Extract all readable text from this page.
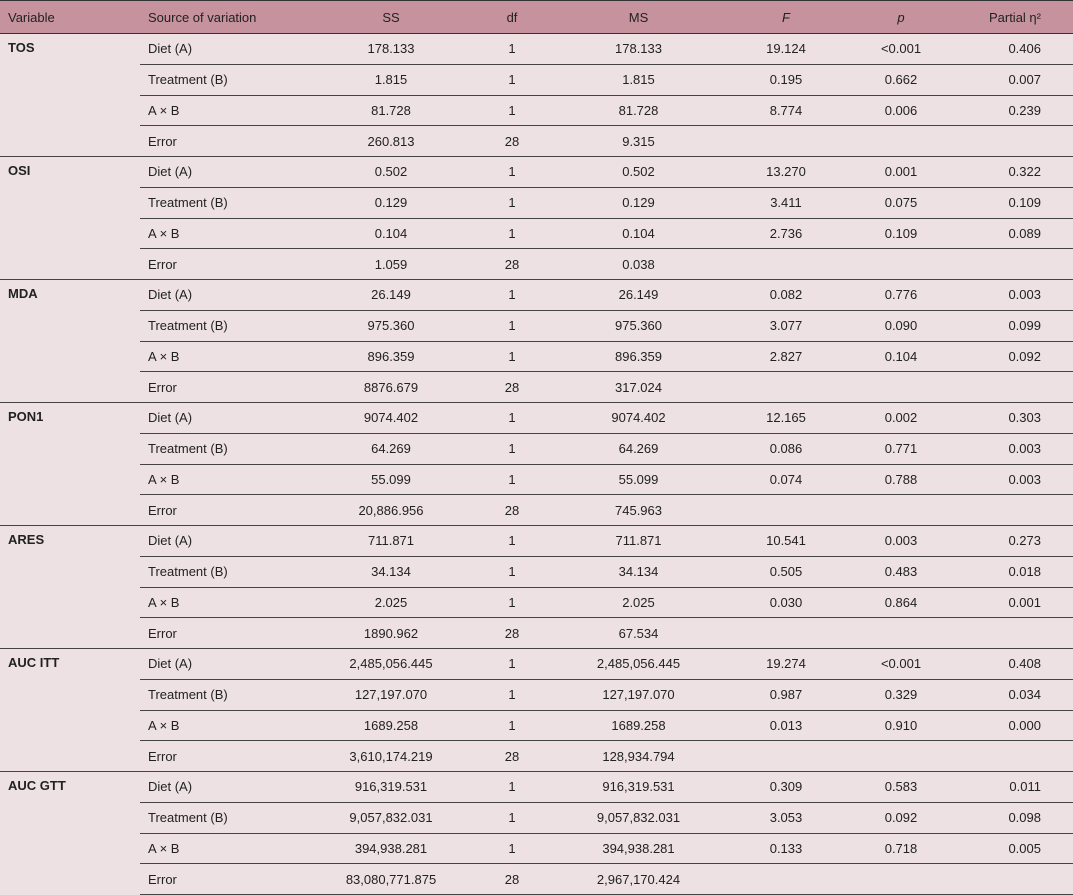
Variable	Source of variation	SS	df	MS	F	p	Partial η²
TOS	Diet (A)	178.133	1	178.133	19.124	<0.001	0.406
	Treatment (B)	1.815	1	1.815	0.195	0.662	0.007
	A × B	81.728	1	81.728	8.774	0.006	0.239
	Error	260.813	28	9.315			
OSI	Diet (A)	0.502	1	0.502	13.270	0.001	0.322
	Treatment (B)	0.129	1	0.129	3.411	0.075	0.109
	A × B	0.104	1	0.104	2.736	0.109	0.089
	Error	1.059	28	0.038			
MDA	Diet (A)	26.149	1	26.149	0.082	0.776	0.003
	Treatment (B)	975.360	1	975.360	3.077	0.090	0.099
	A × B	896.359	1	896.359	2.827	0.104	0.092
	Error	8876.679	28	317.024			
PON1	Diet (A)	9074.402	1	9074.402	12.165	0.002	0.303
	Treatment (B)	64.269	1	64.269	0.086	0.771	0.003
	A × B	55.099	1	55.099	0.074	0.788	0.003
	Error	20,886.956	28	745.963			
ARES	Diet (A)	711.871	1	711.871	10.541	0.003	0.273
	Treatment (B)	34.134	1	34.134	0.505	0.483	0.018
	A × B	2.025	1	2.025	0.030	0.864	0.001
	Error	1890.962	28	67.534			
AUC ITT	Diet (A)	2,485,056.445	1	2,485,056.445	19.274	<0.001	0.408
	Treatment (B)	127,197.070	1	127,197.070	0.987	0.329	0.034
	A × B	1689.258	1	1689.258	0.013	0.910	0.000
	Error	3,610,174.219	28	128,934.794			
AUC GTT	Diet (A)	916,319.531	1	916,319.531	0.309	0.583	0.011
	Treatment (B)	9,057,832.031	1	9,057,832.031	3.053	0.092	0.098
	A × B	394,938.281	1	394,938.281	0.133	0.718	0.005
	Error	83,080,771.875	28	2,967,170.424			
